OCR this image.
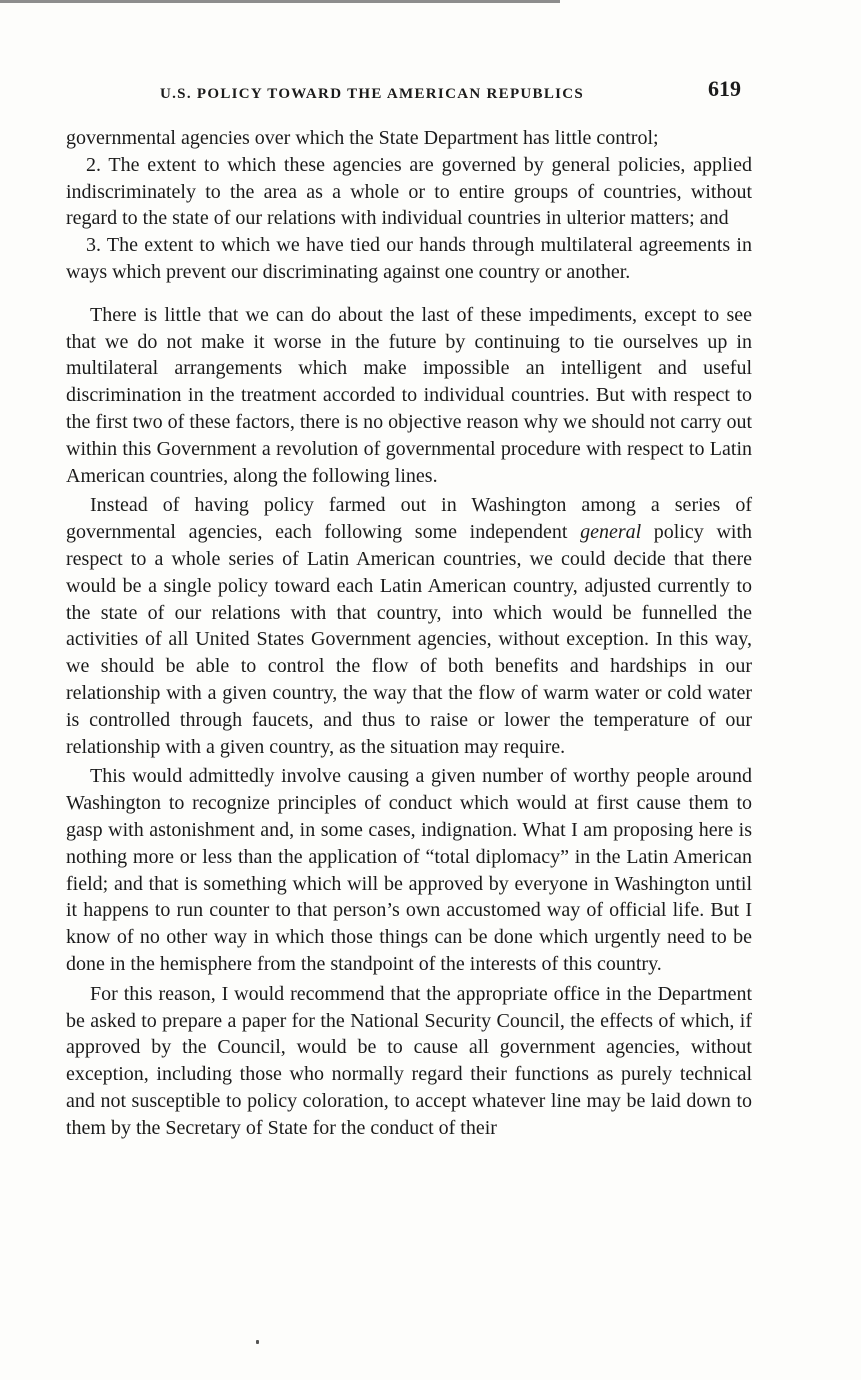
U.S. POLICY TOWARD THE AMERICAN REPUBLICS	619

governmental agencies over which the State Department has little control;

2. The extent to which these agencies are governed by general policies, applied indiscriminately to the area as a whole or to entire groups of countries, without regard to the state of our relations with individual countries in ulterior matters; and

3. The extent to which we have tied our hands through multilateral agreements in ways which prevent our discriminating against one country or another.

There is little that we can do about the last of these impediments, except to see that we do not make it worse in the future by continuing to tie ourselves up in multilateral arrangements which make impossible an intelligent and useful discrimination in the treatment accorded to individual countries. But with respect to the first two of these factors, there is no objective reason why we should not carry out within this Government a revolution of governmental procedure with respect to Latin American countries, along the following lines.

Instead of having policy farmed out in Washington among a series of governmental agencies, each following some independent general policy with respect to a whole series of Latin American countries, we could decide that there would be a single policy toward each Latin American country, adjusted currently to the state of our relations with that country, into which would be funnelled the activities of all United States Government agencies, without exception. In this way, we should be able to control the flow of both benefits and hardships in our relationship with a given country, the way that the flow of warm water or cold water is controlled through faucets, and thus to raise or lower the temperature of our relationship with a given country, as the situation may require.

This would admittedly involve causing a given number of worthy people around Washington to recognize principles of conduct which would at first cause them to gasp with astonishment and, in some cases, indignation. What I am proposing here is nothing more or less than the application of “total diplomacy” in the Latin American field; and that is something which will be approved by everyone in Washington until it happens to run counter to that person’s own accustomed way of official life. But I know of no other way in which those things can be done which urgently need to be done in the hemisphere from the standpoint of the interests of this country.

For this reason, I would recommend that the appropriate office in the Department be asked to prepare a paper for the National Security Council, the effects of which, if approved by the Council, would be to cause all government agencies, without exception, including those who normally regard their functions as purely technical and not susceptible to policy coloration, to accept whatever line may be laid down to them by the Secretary of State for the conduct of their
